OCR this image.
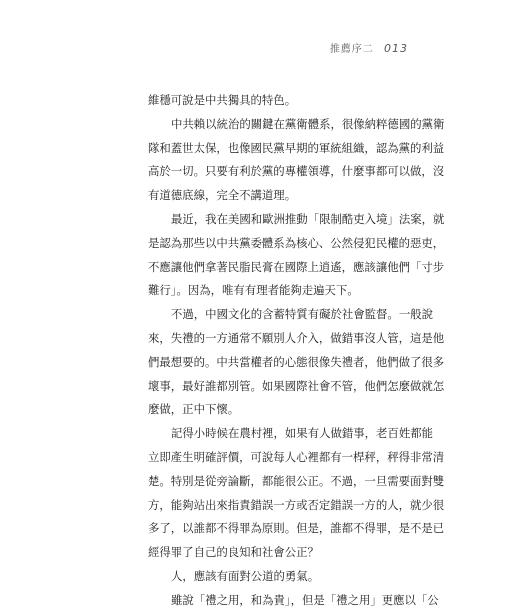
推薦序二 013
維穩可說是中共獨具的特色。
中共賴以統治的關鍵在黨衛體系，很像納粹德國的黨衛
隊和蓋世太保，也像國民黨早期的軍統組織，認為黨的利益
高於一切。只要有利於黨的專權領導，什麼事都可以做，沒
有道德底線，完全不講道理。
最近，我在美國和歐洲推動「限制酷吏入境」法案，就
是認為那些以中共黨委體系為核心、公然侵犯民權的惡吏，
不應讓他們拿著民脂民膏在國際上逍遙，應該讓他們「寸步
難行」。因為，唯有有理者能夠走遍天下。
不過，中國文化的含蓄特質有礙於社會監督。一般說
來，失禮的一方通常不願別人介入，做錯事沒人管，這是他
們最想要的。中共當權者的心態很像失禮者，他們做了很多
壞事，最好誰都別管。如果國際社會不管，他們怎麼做就怎
麼做，正中下懷。
記得小時候在農村裡，如果有人做錯事，老百姓都能
立即產生明確評價，可說每人心裡都有一桿秤，秤得非常清
楚。特別是從旁論斷，都能很公正。不過，一旦需要面對雙
方，能夠站出來指責錯誤一方或否定錯誤一方的人，就少很
多了，以誰都不得罪為原則。但是，誰都不得罪，是不是已
經得罪了自己的良知和社會公正？
人，應該有面對公道的勇氣。
雖說「禮之用，和為貴」，但是「禮之用」更應以「公
